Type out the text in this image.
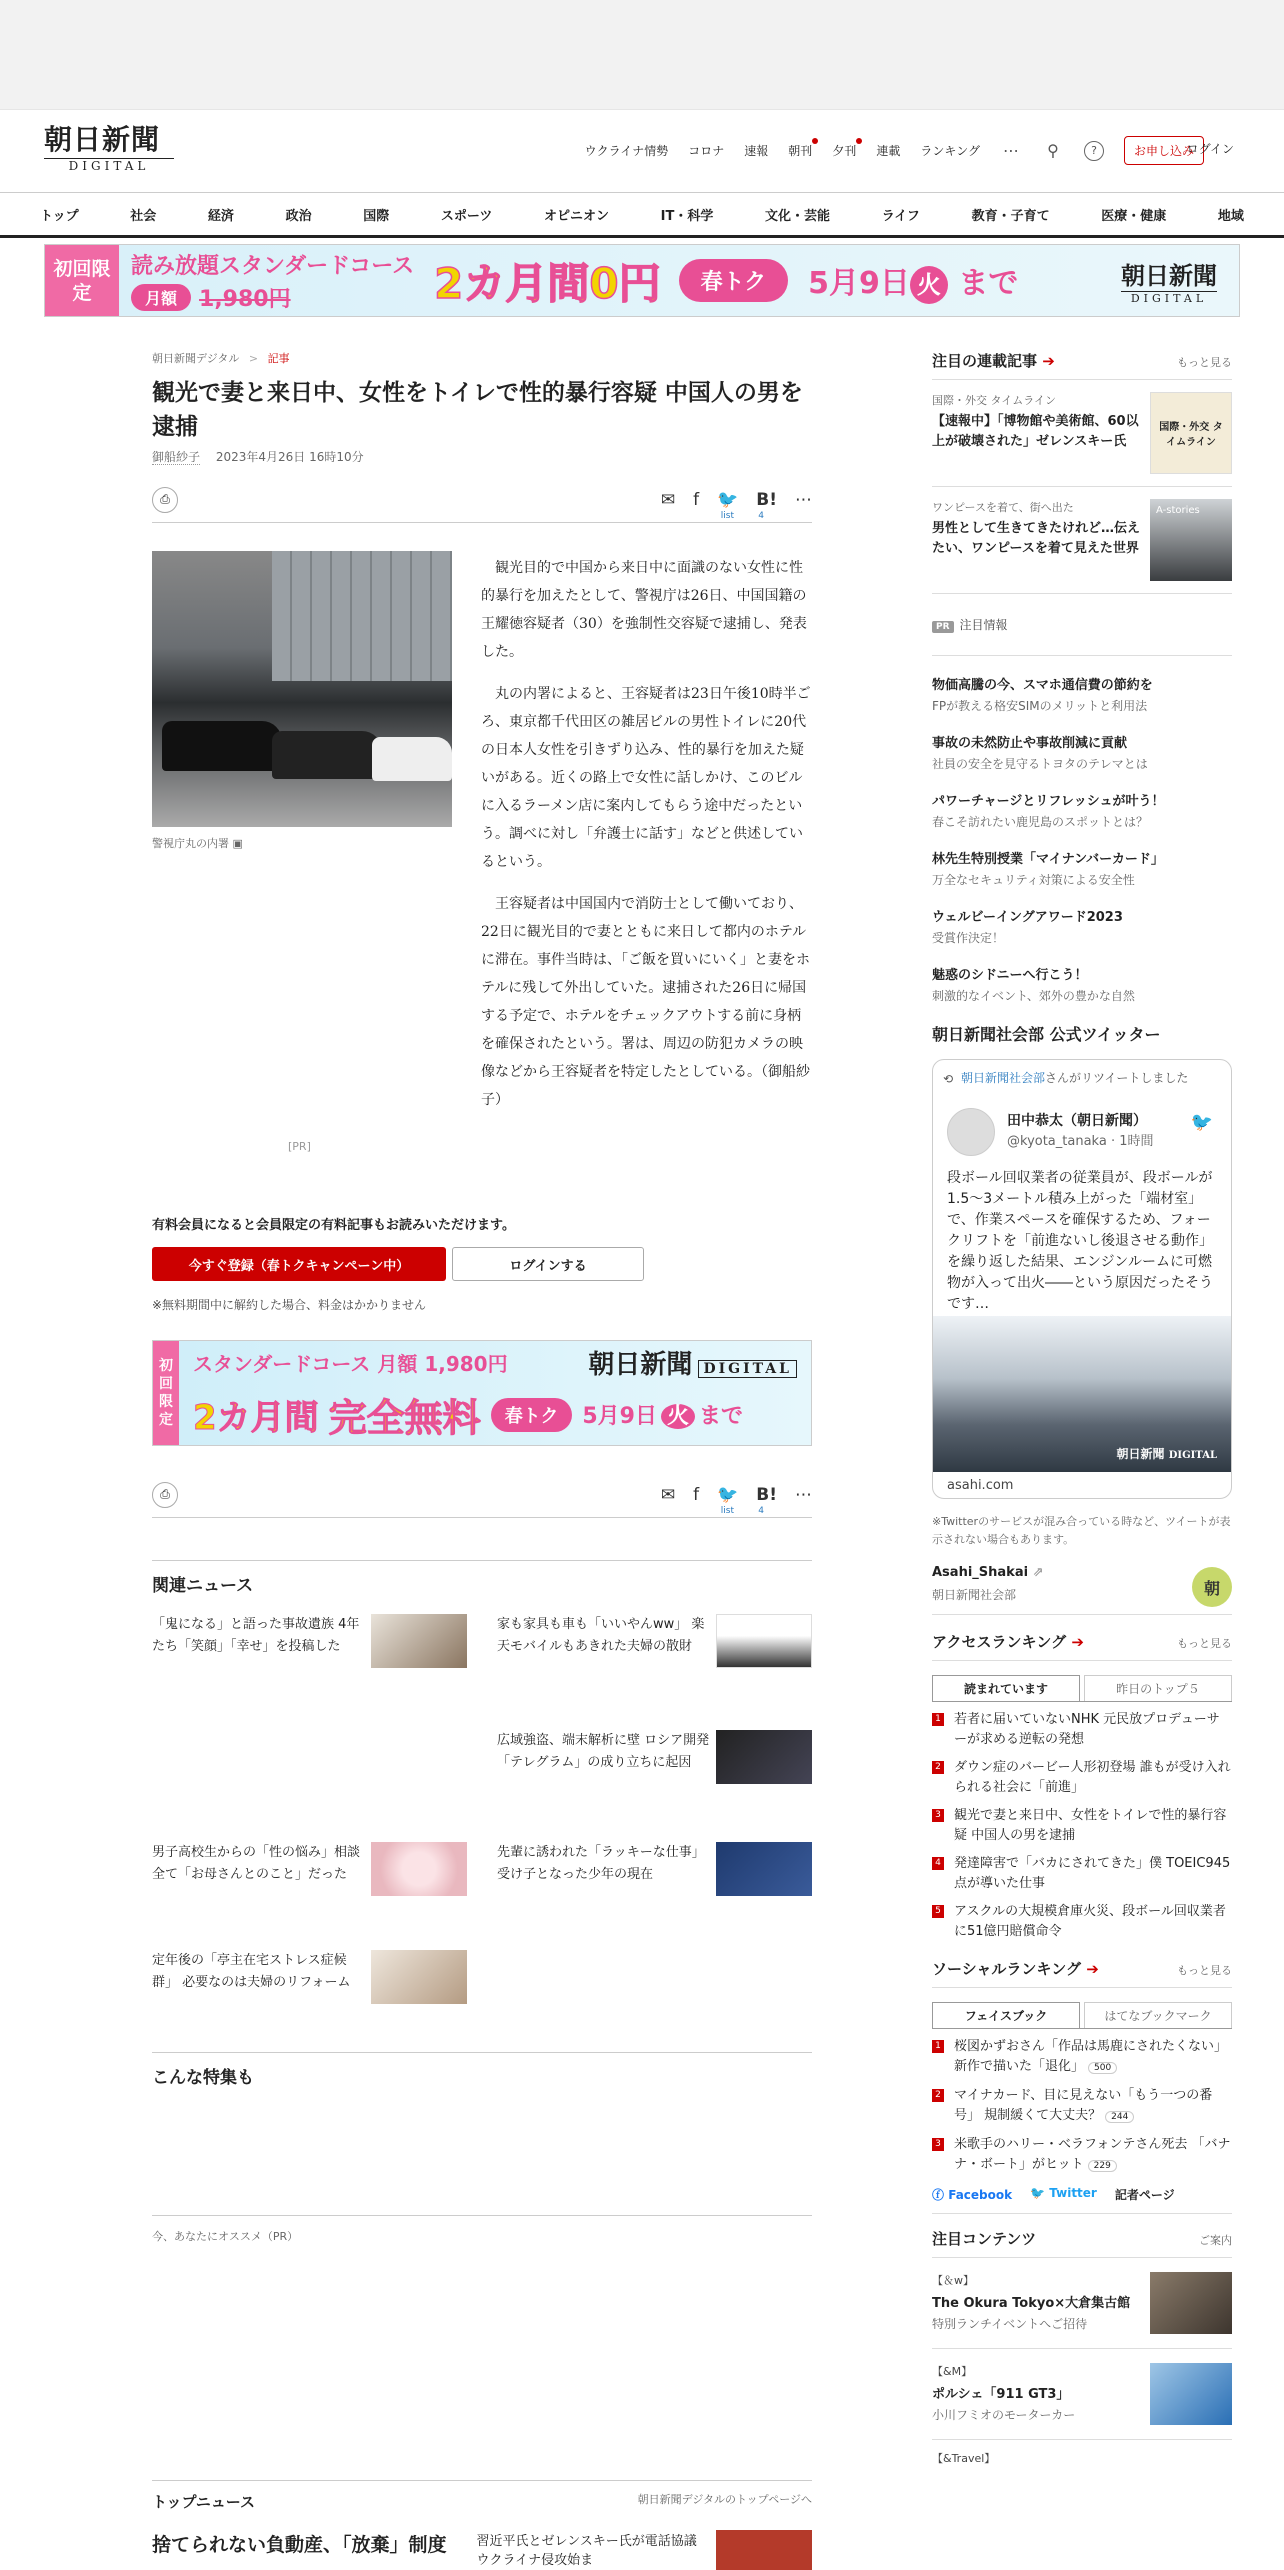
朝日新聞
DIGITAL
ウクライナ情勢 コロナ 速報 朝刊 夕刊 連載 ランキング ⋯	⚲	?	お申し込み
ログイン
トップ	社会	経済	政治	国際	スポーツ	オピニオン	IT・科学	文化・芸能	ライフ	教育・子育て	医療・健康	地域
初回限定
読み放題スタンダードコース
月額	1,980円	2カ月間0円	春トク	5月9日 火 まで	朝日新聞
DIGITAL
朝日新聞デジタル > 記事
観光で妻と来日中、女性をトイレで性的暴行容疑 中国人の男を逮捕
御船紗子 2023年4月26日 16時10分
⎙	✉ f 🐦 B! ⋯
list	4
警視庁丸の内署 ▣
[PR]

観光目的で中国から来日中に面識のない女性に性的暴行を加えたとして、警視庁は26日、中国国籍の王耀徳容疑者（30）を強制性交容疑で逮捕し、発表した。

丸の内署によると、王容疑者は23日午後10時半ごろ、東京都千代田区の雑居ビルの男性トイレに20代の日本人女性を引きずり込み、性的暴行を加えた疑いがある。近くの路上で女性に話しかけ、このビルに入るラーメン店に案内してもらう途中だったという。調べに対し「弁護士に話す」などと供述しているという。

王容疑者は中国国内で消防士として働いており、22日に観光目的で妻とともに来日して都内のホテルに滞在。事件当時は、「ご飯を買いにいく」と妻をホテルに残して外出していた。逮捕された26日に帰国する予定で、ホテルをチェックアウトする前に身柄を確保されたという。署は、周辺の防犯カメラの映像などから王容疑者を特定したとしている。（御船紗子）

有料会員になると会員限定の有料記事もお読みいただけます。
今すぐ登録（春トクキャンペーン中）	ログインする
※無料期間中に解約した場合、料金はかかりません
初回限定
スタンダードコース 月額 1,980円	朝日新聞 DIGITAL
2カ月間 完全無料	春トク	5月9日 火 まで
⎙	✉ f 🐦 B! ⋯
list	4
関連ニュース
「鬼になる」と語った事故遺族 4年たち「笑顔」「幸せ」を投稿した
家も家具も車も「いいやんww」 楽天モバイルもあきれた夫婦の散財
広域強盗、端末解析に壁 ロシア開発「テレグラム」の成り立ちに起因
男子高校生からの「性の悩み」相談 全て「お母さんとのこと」だった
先輩に誘われた「ラッキーな仕事」 受け子となった少年の現在
定年後の「亭主在宅ストレス症候群」 必要なのは夫婦のリフォーム
こんな特集も
今、あなたにオススメ（PR）
トップニュース	朝日新聞デジタルのトップページへ
捨てられない負動産、「放棄」制度 習近平氏とゼレンスキー氏が電話協議 ウクライナ侵攻始ま
注目の連載記事 ➔	もっと見る
国際・外交 タイムライン
【速報中】「博物館や美術館、60以上が破壊された」ゼレンスキー氏
国際・外交 タイムライン
ワンピースを着て、街へ出た
男性として生きてきたけれど…伝えたい、ワンピースを着て見えた世界
A-stories
PR 注目情報

物価高騰の今、スマホ通信費の節約を

FPが教える格安SIMのメリットと利用法

事故の未然防止や事故削減に貢献

社員の安全を見守るトヨタのテレマとは

パワーチャージとリフレッシュが叶う！

春こそ訪れたい鹿児島のスポットとは？

林先生特別授業「マイナンバーカード」

万全なセキュリティ対策による安全性

ウェルビーイングアワード2023

受賞作決定！

魅惑のシドニーへ行こう！

刺激的なイベント、郊外の豊かな自然

朝日新聞社会部 公式ツイッター
⟲ 朝日新聞社会部さんがリツイートしました
田中恭太（朝日新聞）
@kyota_tanaka · 1時間
🐦
段ボール回収業者の従業員が、段ボールが1.5～3メートル積み上がった「端材室」で、作業スペースを確保するため、フォークリフトを「前進ないし後退させる動作」を繰り返した結果、エンジンルームに可燃物が入って出火――という原因だったそうです…
朝日新聞 DIGITAL
asahi.com
※Twitterのサービスが混み合っている時など、ツイートが表示されない場合もあります。
Asahi_Shakai ⇗
朝日新聞社会部	朝
アクセスランキング ➔	もっと見る
読まれています	昨日のトップ５
1 若者に届いていないNHK 元民放プロデューサーが求める逆転の発想
2 ダウン症のバービー人形初登場 誰もが受け入れられる社会に「前進」
3 観光で妻と来日中、女性をトイレで性的暴行容疑 中国人の男を逮捕
4 発達障害で「バカにされてきた」僕 TOEIC945点が導いた仕事
5 アスクルの大規模倉庫火災、段ボール回収業者に51億円賠償命令
ソーシャルランキング ➔	もっと見る
フェイスブック	はてなブックマーク
1 桜図かずおさん「作品は馬鹿にされたくない」 新作で描いた「退化」 500
2 マイナカード、目に見えない「もう一つの番号」 規制緩くて大丈夫？ 244
3 米歌手のハリー・ベラフォンテさん死去 「バナナ・ボート」がヒット 229
ⓕ Facebook 🐦 Twitter 記者ページ
注目コンテンツ	ご案内

【＆w】

The Okura Tokyo×大倉集古館

特別ランチイベントへご招待

【&M】

ポルシェ「911 GT3」

小川フミオのモーターカー

【&Travel】
